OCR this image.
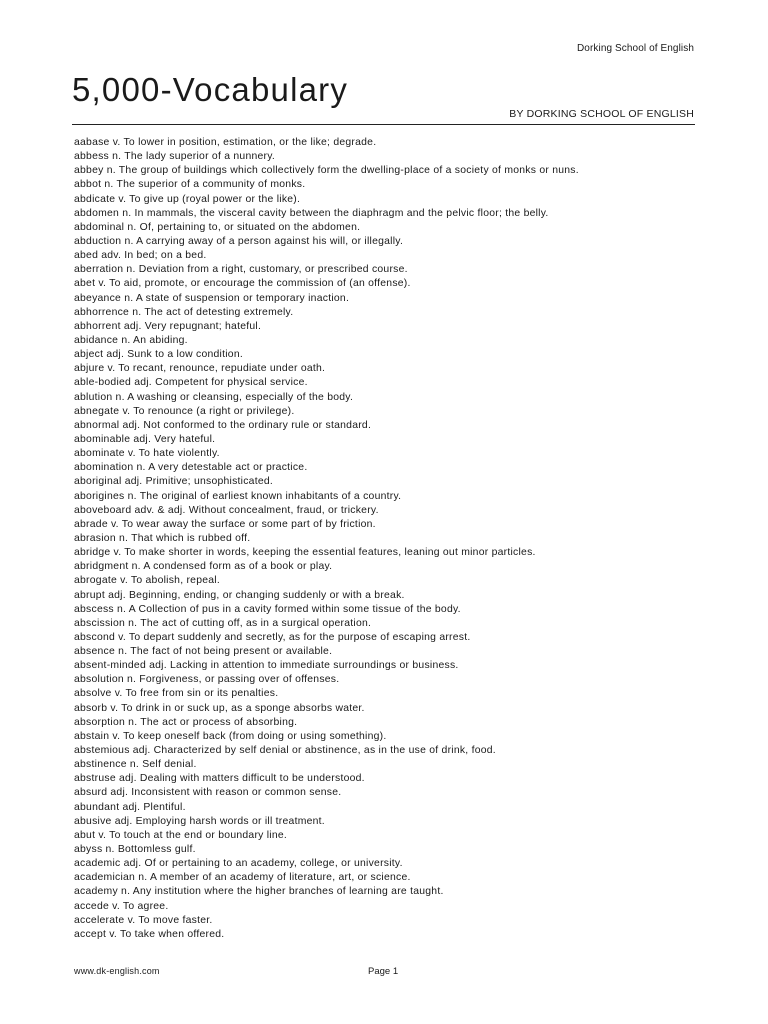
Dorking School of English
5,000-Vocabulary
BY DORKING SCHOOL OF ENGLISH
aabase v. To lower in position, estimation, or the like; degrade.
abbess n. The lady superior of a nunnery.
abbey n. The group of buildings which collectively form the dwelling-place of a society of monks or nuns.
abbot n. The superior of a community of monks.
abdicate v. To give up (royal power or the like).
abdomen n. In mammals, the visceral cavity between the diaphragm and the pelvic floor; the belly.
abdominal n. Of, pertaining to, or situated on the abdomen.
abduction n. A carrying away of a person against his will, or illegally.
abed adv. In bed; on a bed.
aberration n. Deviation from a right, customary, or prescribed course.
abet v. To aid, promote, or encourage the commission of (an offense).
abeyance n. A state of suspension or temporary inaction.
abhorrence n. The act of detesting extremely.
abhorrent adj. Very repugnant; hateful.
abidance n. An abiding.
abject adj. Sunk to a low condition.
abjure v. To recant, renounce, repudiate under oath.
able-bodied adj. Competent for physical service.
ablution n. A washing or cleansing, especially of the body.
abnegate v. To renounce (a right or privilege).
abnormal adj. Not conformed to the ordinary rule or standard.
abominable adj. Very hateful.
abominate v. To hate violently.
abomination n. A very detestable act or practice.
aboriginal adj. Primitive; unsophisticated.
aborigines n. The original of earliest known inhabitants of a country.
aboveboard adv. & adj. Without concealment, fraud, or trickery.
abrade v. To wear away the surface or some part of by friction.
abrasion n. That which is rubbed off.
abridge v. To make shorter in words, keeping the essential features, leaning out minor particles.
abridgment n. A condensed form as of a book or play.
abrogate v. To abolish, repeal.
abrupt adj. Beginning, ending, or changing suddenly or with a break.
abscess n. A Collection of pus in a cavity formed within some tissue of the body.
abscission n. The act of cutting off, as in a surgical operation.
abscond v. To depart suddenly and secretly, as for the purpose of escaping arrest.
absence n. The fact of not being present or available.
absent-minded adj. Lacking in attention to immediate surroundings or business.
absolution n. Forgiveness, or passing over of offenses.
absolve v. To free from sin or its penalties.
absorb v. To drink in or suck up, as a sponge absorbs water.
absorption n. The act or process of absorbing.
abstain v. To keep oneself back (from doing or using something).
abstemious adj. Characterized by self denial or abstinence, as in the use of drink, food.
abstinence n. Self denial.
abstruse adj. Dealing with matters difficult to be understood.
absurd adj. Inconsistent with reason or common sense.
abundant adj. Plentiful.
abusive adj. Employing harsh words or ill treatment.
abut v. To touch at the end or boundary line.
abyss n. Bottomless gulf.
academic adj. Of or pertaining to an academy, college, or university.
academician n. A member of an academy of literature, art, or science.
academy n. Any institution where the higher branches of learning are taught.
accede v. To agree.
accelerate v. To move faster.
accept v. To take when offered.
www.dk-english.com	Page 1
